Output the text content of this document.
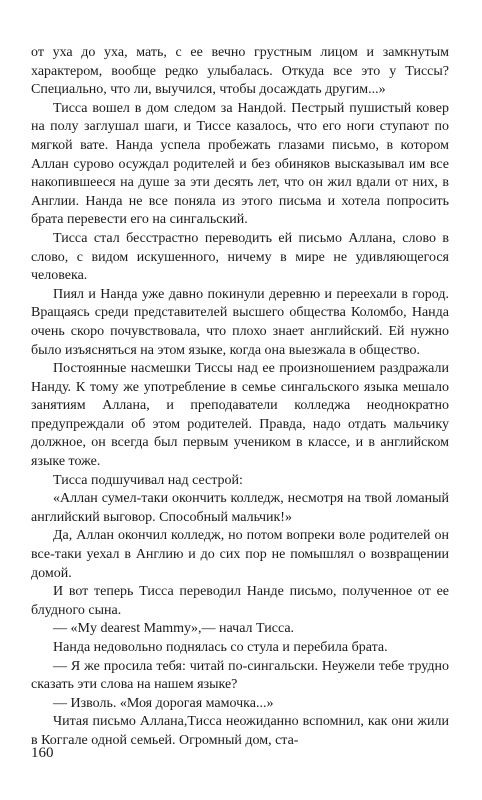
от уха до уха, мать, с ее вечно грустным лицом и замкнутым характером, вообще редко улыбалась. Откуда все это у Тиссы? Специально, что ли, выучился, чтобы досаждать другим...»

Тисса вошел в дом следом за Нандой. Пестрый пушистый ковер на полу заглушал шаги, и Тиссе казалось, что его ноги ступают по мягкой вате. Нанда успела пробежать глазами письмо, в котором Аллан сурово осуждал родителей и без обиняков высказывал им все накопившееся на душе за эти десять лет, что он жил вдали от них, в Англии. Нанда не все поняла из этого письма и хотела попросить брата перевести его на сингальский.

Тисса стал бесстрастно переводить ей письмо Аллана, слово в слово, с видом искушенного, ничему в мире не удивляющегося человека.

Пиял и Нанда уже давно покинули деревню и переехали в город. Вращаясь среди представителей высшего общества Коломбо, Нанда очень скоро почувствовала, что плохо знает английский. Ей нужно было изъясняться на этом языке, когда она выезжала в общество.

Постоянные насмешки Тиссы над ее произношением раздражали Нанду. К тому же употребление в семье сингальского языка мешало занятиям Аллана, и преподаватели колледжа неоднократно предупреждали об этом родителей. Правда, надо отдать мальчику должное, он всегда был первым учеником в классе, и в английском языке тоже.

Тисса подшучивал над сестрой:

«Аллан сумел-таки окончить колледж, несмотря на твой ломаный английский выговор. Способный мальчик!»

Да, Аллан окончил колледж, но потом вопреки воле родителей он все-таки уехал в Англию и до сих пор не помышлял о возвращении домой.

И вот теперь Тисса переводил Нанде письмо, полученное от ее блудного сына.

— «My dearest Mammy»,— начал Тисса.

Нанда недовольно поднялась со стула и перебила брата.

— Я же просила тебя: читай по-сингальски. Неужели тебе трудно сказать эти слова на нашем языке?

— Изволь. «Моя дорогая мамочка...»

Читая письмо Аллана,Тисса неожиданно вспомнил, как они жили в Коггале одной семьей. Огромный дом, ста-

160
